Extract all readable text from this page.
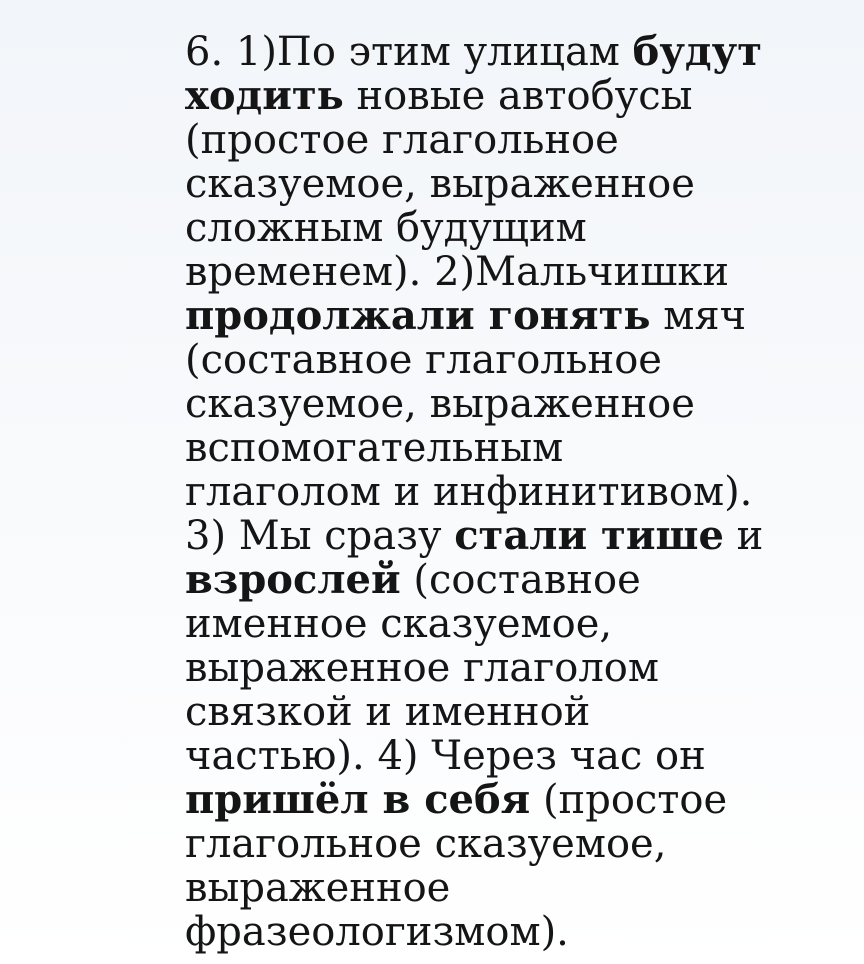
6. 1)По этим улицам будут
ходить новые автобусы
(простое глагольное
сказуемое, выраженное
сложным будущим
временем). 2)Мальчишки
продолжали гонять мяч
(составное глагольное
сказуемое, выраженное
вспомогательным
глаголом и инфинитивом).
3) Мы сразу стали тише и
взрослей (составное
именное сказуемое,
выраженное глаголом
связкой и именной
частью). 4) Через час он
пришёл в себя (простое
глагольное сказуемое,
выраженное
фразеологизмом).
